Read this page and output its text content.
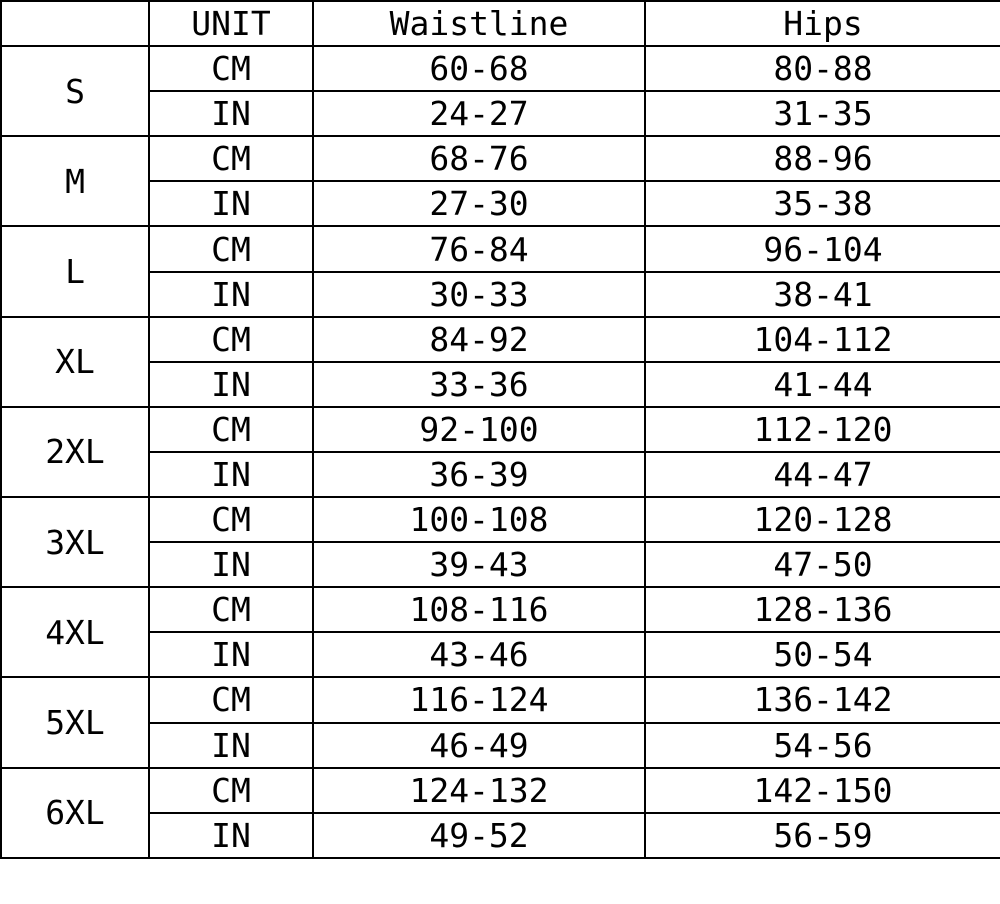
	UNIT	Waistline	Hips
S	CM	60-68	80-88
	IN	24-27	31-35
M	CM	68-76	88-96
	IN	27-30	35-38
L	CM	76-84	96-104
	IN	30-33	38-41
XL	CM	84-92	104-112
	IN	33-36	41-44
2XL	CM	92-100	112-120
	IN	36-39	44-47
3XL	CM	100-108	120-128
	IN	39-43	47-50
4XL	CM	108-116	128-136
	IN	43-46	50-54
5XL	CM	116-124	136-142
	IN	46-49	54-56
6XL	CM	124-132	142-150
	IN	49-52	56-59
